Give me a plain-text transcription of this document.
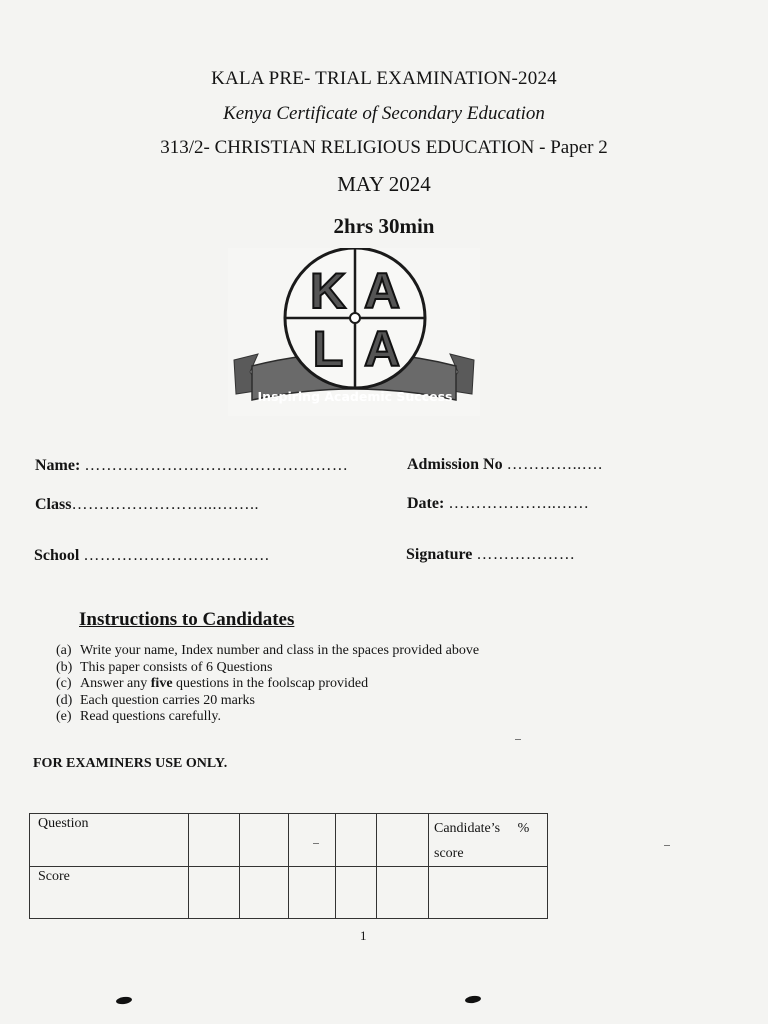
KALA PRE- TRIAL EXAMINATION-2024
Kenya Certificate of Secondary Education
313/2- CHRISTIAN RELIGIOUS EDUCATION - Paper 2
MAY 2024
2hrs 30min
K A
L A
Inspiring Academic Success
Name: …………………………………………	Admission No …………..….
Class……………………...……..	Date: ………………..……
School …………………………….	Signature ………………
Instructions to Candidates
(a) Write your name, Index number and class in the spaces provided above
(b) This paper consists of 6 Questions
(c) Answer any five questions in the foolscap provided
(d) Each question carries 20 marks
(e) Read questions carefully.
FOR EXAMINERS USE ONLY.
Question						Candidate’s %
score
Score						
1
